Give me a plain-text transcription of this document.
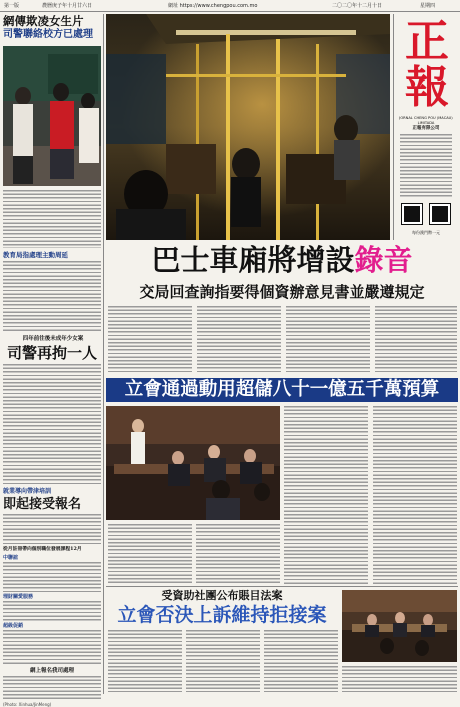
第一版	農曆庚子年十月廿六日	網址 https://www.chengpou.com.mo	二〇二〇年十二月十日	星期四
網傳欺凌女生片
司警聯絡校方已處理
教育局指處理主動周延
四年前往後未成年少女案
司警再拘一人
就業導向帶津培訓
即起接受報名
從月註冊帶向個別職位發展課程12月
中聯誼
理財關愛服務
超級促銷
網上報名我司處理
(Photo: Xinhua/JinMeng)
正
報
JORNAL CHENG POU (MACAU) LIMITADA
正報有限公司
每份澳門幣一元
巴士車廂將增設錄音
交局回查詢指要得個資辦意見書並嚴遵規定
立會通過動用超儲八十一億五千萬預算
受資助社團公布賬目法案
立會否決上訴維持拒接案
